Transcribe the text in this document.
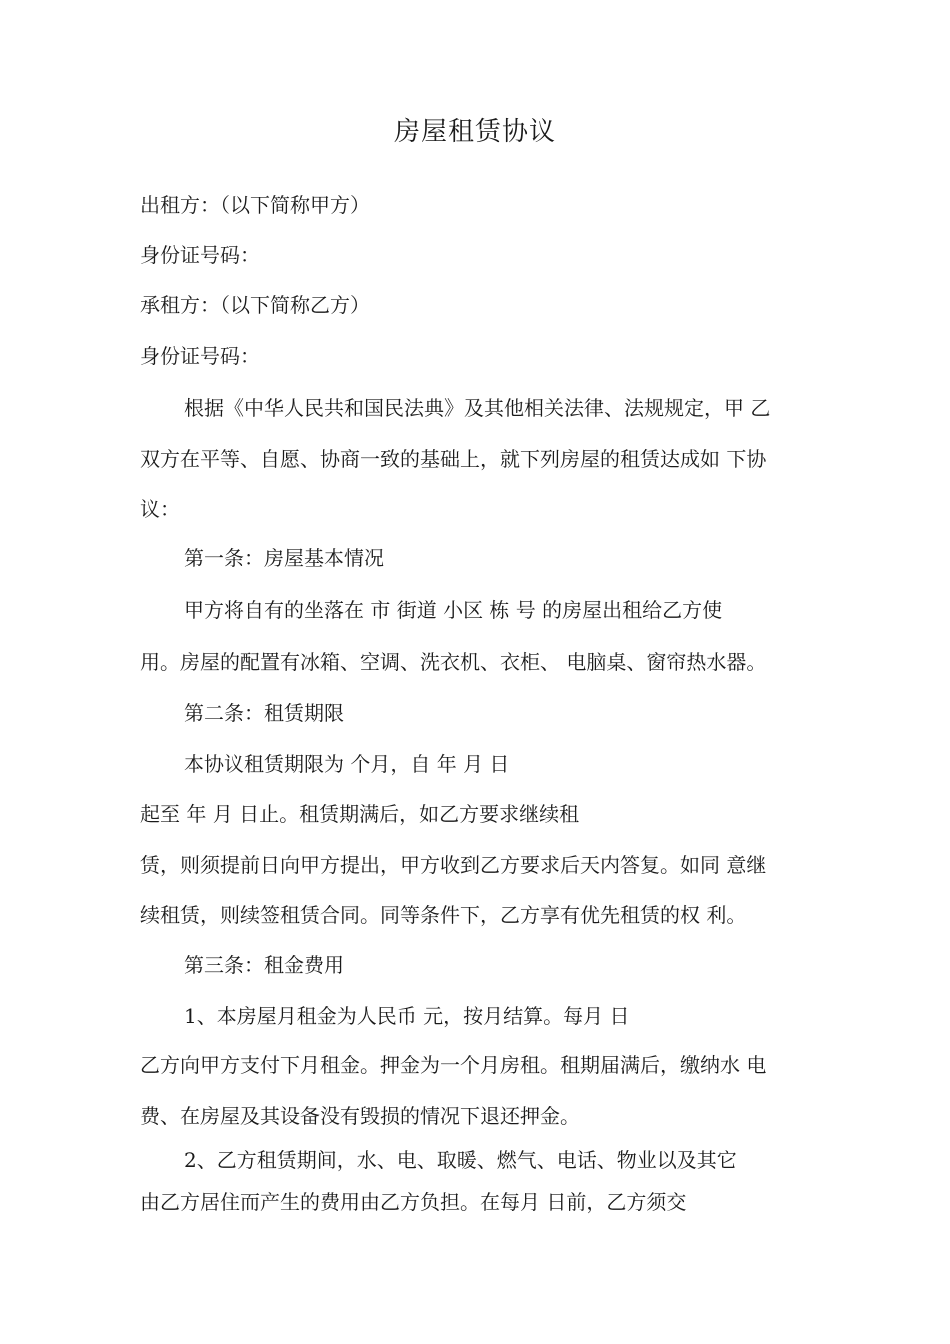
房屋租赁协议
出租方：（以下简称甲方）
身份证号码：
承租方：（以下简称乙方）
身份证号码：
根据《中华人民共和国民法典》及其他相关法律、法规规定，甲 乙
双方在平等、自愿、协商一致的基础上，就下列房屋的租赁达成如 下协
议：
第一条：房屋基本情况
甲方将自有的坐落在 市 街道 小区 栋 号 的房屋出租给乙方使
用。房屋的配置有冰箱、空调、洗衣机、衣柜、 电脑桌、窗帘热水器。
第二条：租赁期限
本协议租赁期限为 个月，自 年 月 日
起至 年 月 日止。租赁期满后，如乙方要求继续租
赁，则须提前日向甲方提出，甲方收到乙方要求后天内答复。如同 意继
续租赁，则续签租赁合同。同等条件下，乙方享有优先租赁的权 利。
第三条：租金费用
1、本房屋月租金为人民币 元，按月结算。每月 日
乙方向甲方支付下月租金。押金为一个月房租。租期届满后，缴纳水 电
费、在房屋及其设备没有毁损的情况下退还押金。
2、乙方租赁期间，水、电、取暖、燃气、电话、物业以及其它
由乙方居住而产生的费用由乙方负担。在每月 日前，乙方须交
